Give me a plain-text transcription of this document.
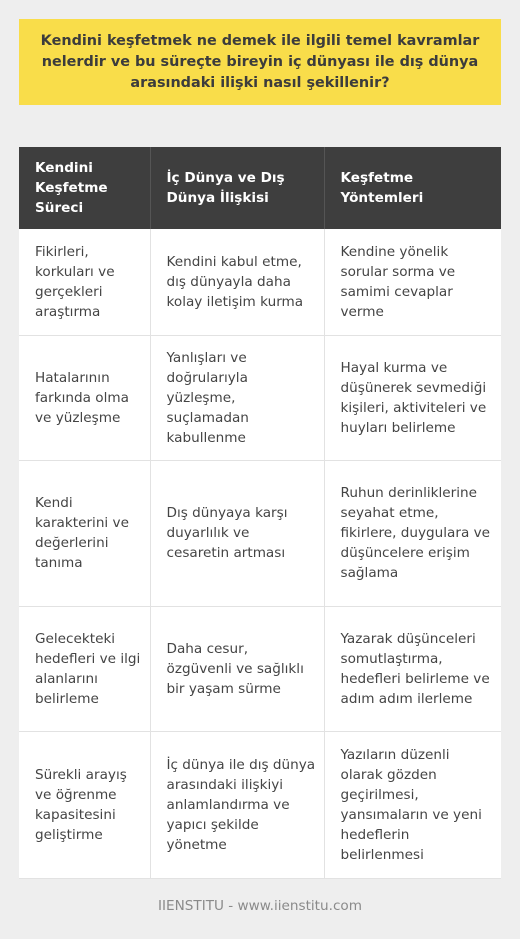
Kendini keşfetmek ne demek ile ilgili temel kavramlar nelerdir ve bu süreçte bireyin iç dünyası ile dış dünya arasındaki ilişki nasıl şekillenir?
Kendini Keşfetme Süreci	İç Dünya ve Dış Dünya İlişkisi	Keşfetme Yöntemleri
Fikirleri, korkuları ve gerçekleri araştırma	Kendini kabul etme, dış dünyayla daha kolay iletişim kurma	Kendine yönelik sorular sorma ve samimi cevaplar verme
Hatalarının farkında olma ve yüzleşme	Yanlışları ve doğrularıyla yüzleşme, suçlamadan kabullenme	Hayal kurma ve düşünerek sevmediği kişileri, aktiviteleri ve huyları belirleme
Kendi karakterini ve değerlerini tanıma	Dış dünyaya karşı duyarlılık ve cesaretin artması	Ruhun derinliklerine seyahat etme, fikirlere, duygulara ve düşüncelere erişim sağlama
Gelecekteki hedefleri ve ilgi alanlarını belirleme	Daha cesur, özgüvenli ve sağlıklı bir yaşam sürme	Yazarak düşünceleri somutlaştırma, hedefleri belirleme ve adım adım ilerleme
Sürekli arayış ve öğrenme kapasitesini geliştirme	İç dünya ile dış dünya arasındaki ilişkiyi anlamlandırma ve yapıcı şekilde yönetme	Yazıların düzenli olarak gözden geçirilmesi, yansımaların ve yeni hedeflerin belirlenmesi
IIENSTITU - www.iienstitu.com
